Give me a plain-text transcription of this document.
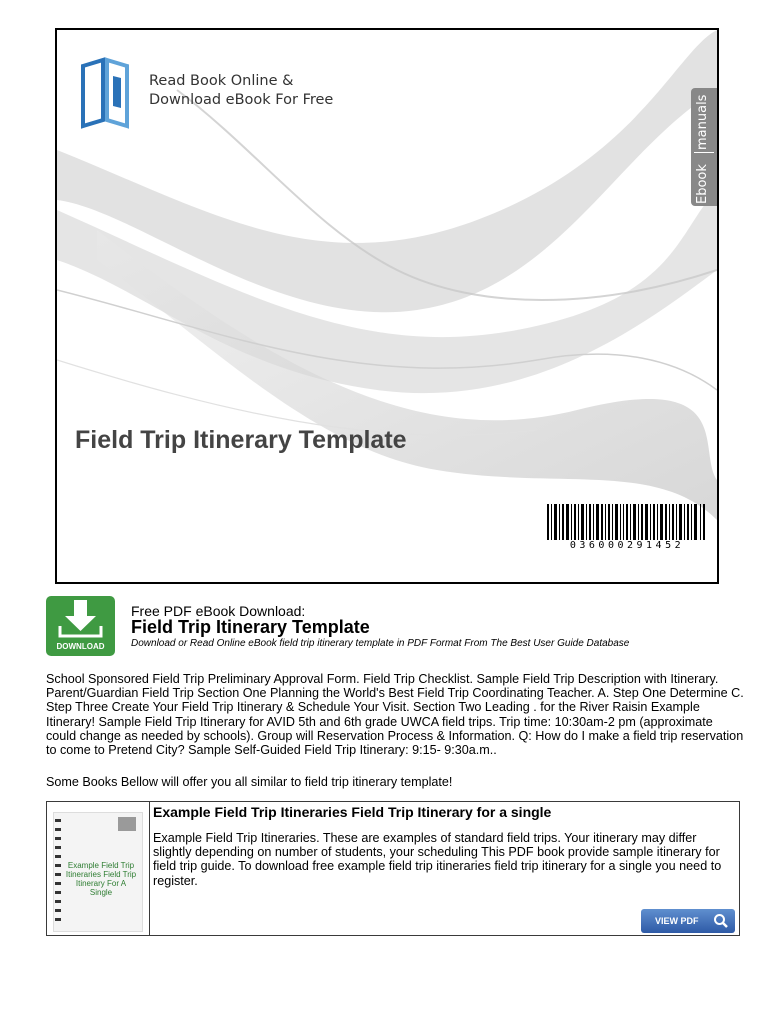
Read Book Online &
Download eBook For Free	manuals
Ebook
Field Trip Itinerary Template
036000291452
DOWNLOAD
Free PDF eBook Download:
Field Trip Itinerary Template
Download or Read Online eBook field trip itinerary template in PDF Format From The Best User Guide Database
School Sponsored Field Trip Preliminary Approval Form. Field Trip Checklist. Sample Field Trip Description with Itinerary. Parent/Guardian Field Trip Section One Planning the World's Best Field Trip Coordinating Teacher. A. Step One Determine C. Step Three Create Your Field Trip Itinerary & Schedule Your Visit. Section Two Leading . for the River Raisin Example Itinerary! Sample Field Trip Itinerary for AVID 5th and 6th grade UWCA field trips. Trip time: 10:30am-2 pm (approximate could change as needed by schools). Group will Reservation Process & Information. Q: How do I make a field trip reservation to come to Pretend City? Sample Self-Guided Field Trip Itinerary: 9:15- 9:30a.m..
Some Books Bellow will offer you all similar to field trip itinerary template!
Example Field Trip Itineraries Field Trip Itinerary For A Single
Example Field Trip Itineraries Field Trip Itinerary for a single
Example Field Trip Itineraries. These are examples of standard field trips. Your itinerary may differ slightly depending on number of students, your scheduling This PDF book provide sample itinerary for field trip guide. To download free example field trip itineraries field trip itinerary for a single you need to register.
VIEW PDF
